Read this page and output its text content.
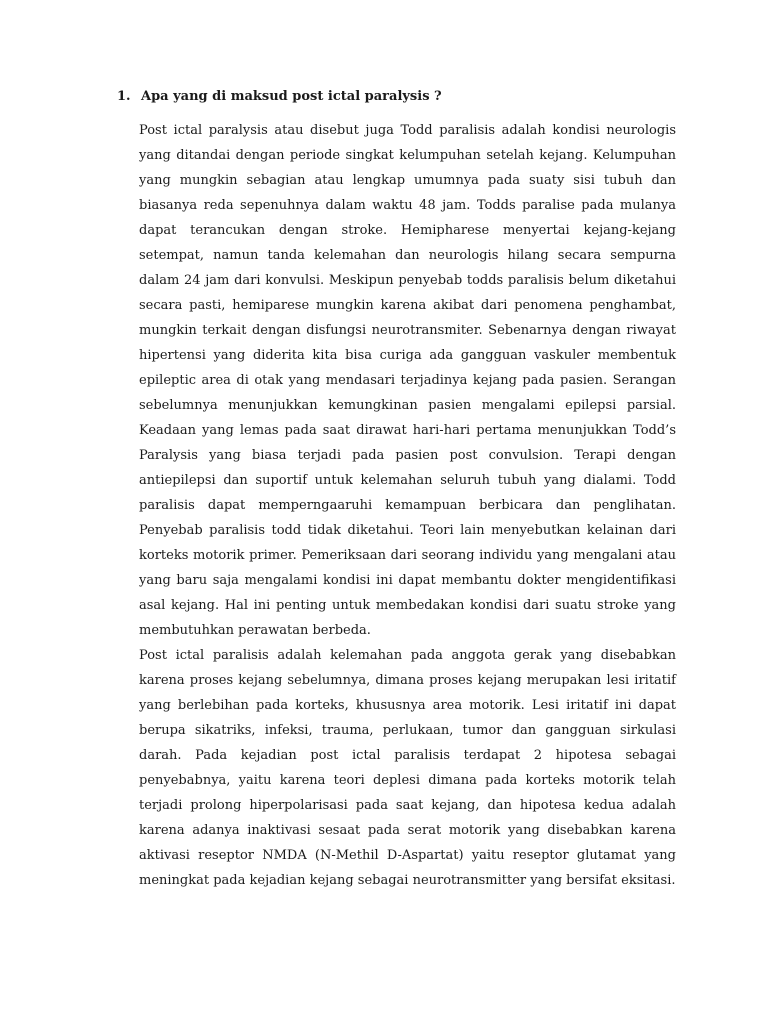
1. Apa yang di maksud post ictal paralysis ?

Post ictal paralysis atau disebut juga Todd paralisis adalah kondisi neurologis yang ditandai dengan periode singkat kelumpuhan setelah kejang. Kelumpuhan yang mungkin sebagian atau lengkap umumnya pada suaty sisi tubuh dan biasanya reda sepenuhnya dalam waktu 48 jam. Todds paralise pada mulanya dapat terancukan dengan stroke. Hemipharese menyertai kejang-kejang setempat, namun tanda kelemahan dan neurologis hilang secara sempurna dalam 24 jam dari konvulsi. Meskipun penyebab todds paralisis belum diketahui secara pasti, hemiparese mungkin karena akibat dari penomena penghambat, mungkin terkait dengan disfungsi neurotransmiter. Sebenarnya dengan riwayat hipertensi yang diderita kita bisa curiga ada gangguan vaskuler membentuk epileptic area di otak yang mendasari terjadinya kejang pada pasien. Serangan sebelumnya menunjukkan kemungkinan pasien mengalami epilepsi parsial. Keadaan yang lemas pada saat dirawat hari-hari pertama menunjukkan Todd’s Paralysis yang biasa terjadi pada pasien post convulsion. Terapi dengan antiepilepsi dan suportif untuk kelemahan seluruh tubuh yang dialami. Todd paralisis dapat memperngaaruhi kemampuan berbicara dan penglihatan. Penyebab paralisis todd tidak diketahui. Teori lain menyebutkan kelainan dari korteks motorik primer. Pemeriksaan dari seorang individu yang mengalani atau yang baru saja mengalami kondisi ini dapat membantu dokter mengidentifikasi asal kejang. Hal ini penting untuk membedakan kondisi dari suatu stroke yang membutuhkan perawatan berbeda.

Post ictal paralisis adalah kelemahan pada anggota gerak yang disebabkan karena proses kejang sebelumnya, dimana proses kejang merupakan lesi iritatif yang berlebihan pada korteks, khususnya area motorik. Lesi iritatif ini dapat berupa sikatriks, infeksi, trauma, perlukaan, tumor dan gangguan sirkulasi darah. Pada kejadian post ictal paralisis terdapat 2 hipotesa sebagai penyebabnya, yaitu karena teori deplesi dimana pada korteks motorik telah terjadi prolong hiperpolarisasi pada saat kejang, dan hipotesa kedua adalah karena adanya inaktivasi sesaat pada serat motorik yang disebabkan karena aktivasi reseptor NMDA (N-Methil D-Aspartat) yaitu reseptor glutamat yang meningkat pada kejadian kejang sebagai neurotransmitter yang bersifat eksitasi.
